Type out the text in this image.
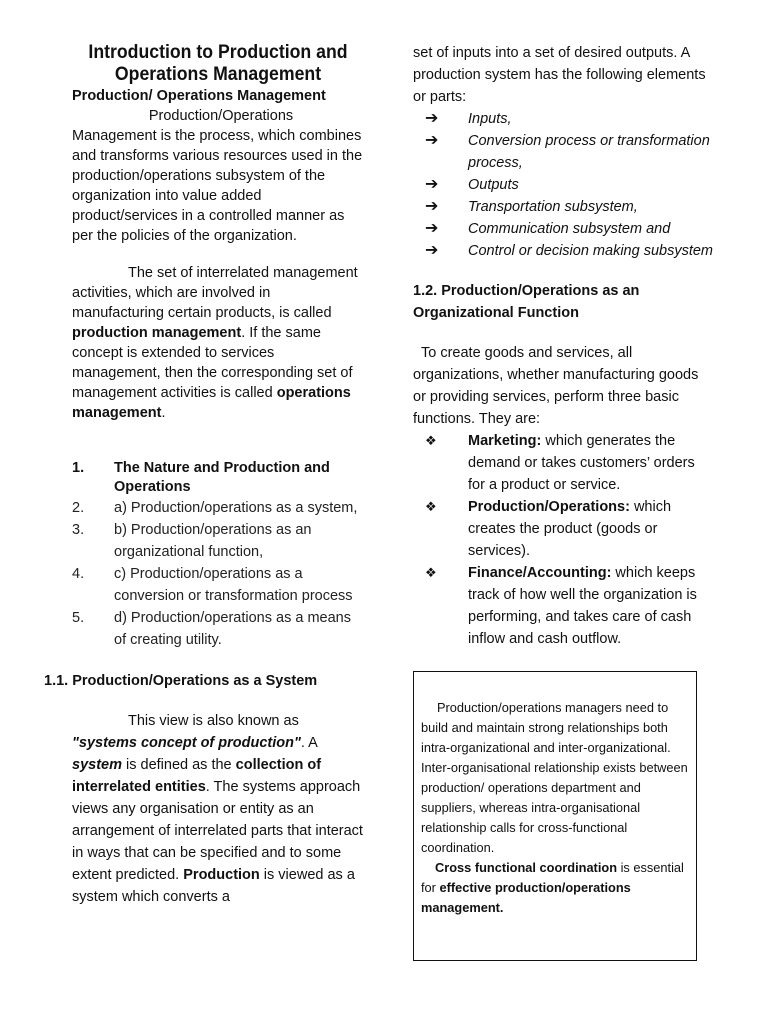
Introduction to Production and
Operations Management

Production/ Operations Management

Production/Operations

Management is the process, which combines and transforms various resources used in the production/operations subsystem of the organization into value added product/services in a controlled manner as per the policies of the organization.

The set of interrelated management activities, which are involved in manufacturing certain products, is called production management. If the same concept is extended to services management, then the corresponding set of management activities is called operations management.

1. The Nature and Production and Operations
2. a) Production/operations as a system,
3. b) Production/operations as an organizational function,
4. c) Production/operations as a conversion or transformation process
5. d) Production/operations as a means of creating utility.

1.1. Production/Operations as a System

This view is also known as "systems concept of production". A system is defined as the collection of interrelated entities. The systems approach views any organisation or entity as an arrangement of interrelated parts that interact in ways that can be specified and to some extent predicted. Production is viewed as a system which converts a

set of inputs into a set of desired outputs. A production system has the following elements or parts:

➔ Inputs,
➔ Conversion process or transformation process,
➔ Outputs
➔ Transportation subsystem,
➔ Communication subsystem and
➔ Control or decision making subsystem

1.2. Production/Operations as an Organizational Function

To create goods and services, all organizations, whether manufacturing goods or providing services, perform three basic functions. They are:

❖ Marketing: which generates the demand or takes customers’ orders for a product or service.
❖ Production/Operations: which creates the product (goods or services).
❖ Finance/Accounting: which keeps track of how well the organization is performing, and takes care of cash inflow and cash outflow.

Production/operations managers need to build and maintain strong relationships both intra-organizational and inter-organizational. Inter-organisational relationship exists between production/ operations department and suppliers, whereas intra-organisational relationship calls for cross-functional coordination.

Cross functional coordination is essential for effective production/operations management.
